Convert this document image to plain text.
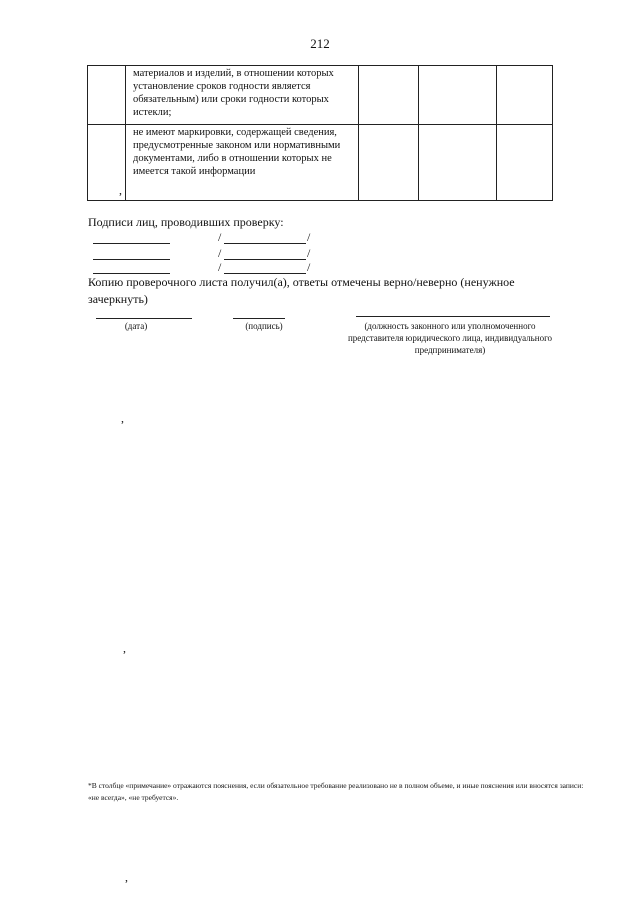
212

	материалов и изделий, в отношении которых установление сроков годности является обязательным) или сроки годности которых истекли;			

	не имеют маркировки, содержащей сведения, предусмотренные законом или нормативными документами, либо в отношении которых не имеется такой информации			

,
Подписи лиц, проводивших проверку:
/	/
/	/
/	/
Копию проверочного листа получил(а), ответы отмечены верно/неверно (ненужное зачеркнуть)
(дата)	(подпись)	(должность законного или уполномоченного представителя юридического лица, индивидуального предпринимателя)
,
,
*В столбце «примечание» отражаются пояснения, если обязательное требование реализовано не в полном объеме, и иные пояснения или вносятся записи: «не всегда», «не требуется».
,
